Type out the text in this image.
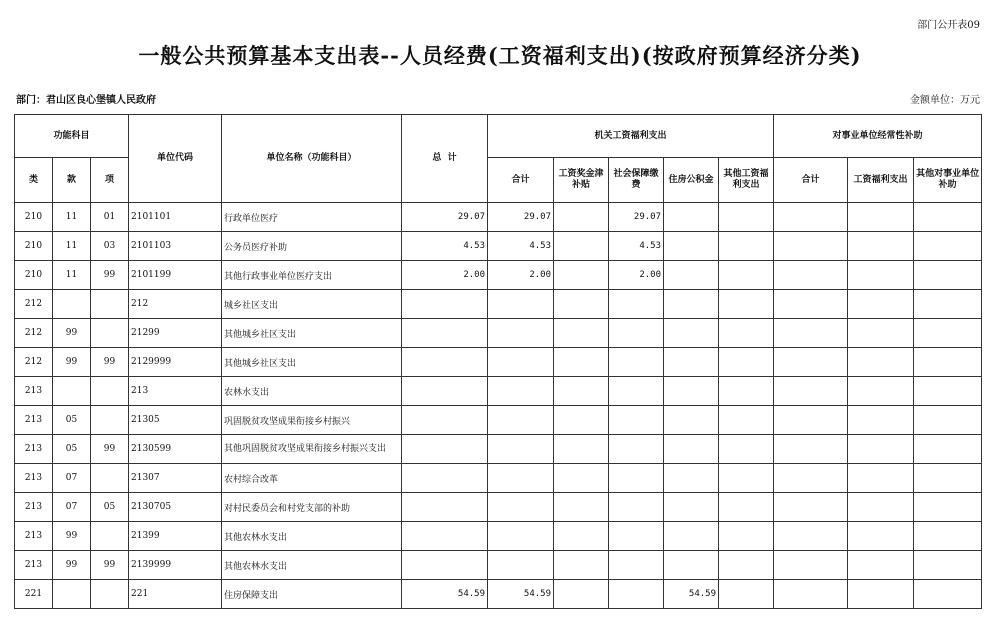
部门公开表09
一般公共预算基本支出表--人员经费(工资福利支出)(按政府预算经济分类)
部门：君山区良心堡镇人民政府	金额单位：万元
功能科目			单位代码	单位名称（功能科目）	总  计	机关工资福利支出					对事业单位经常性补助		
类	款	项				合计	工资奖金津补贴	社会保障缴费	住房公积金	其他工资福利支出	合计	工资福利支出	其他对事业单位补助
210	11	01	2101101	行政单位医疗	29.07	29.07		29.07					
210	11	03	2101103	公务员医疗补助	4.53	4.53		4.53					
210	11	99	2101199	其他行政事业单位医疗支出	2.00	2.00		2.00					
212			212	城乡社区支出									
212	99		21299	其他城乡社区支出									
212	99	99	2129999	其他城乡社区支出									
213			213	农林水支出									
213	05		21305	巩固脱贫攻坚成果衔接乡村振兴									
213	05	99	2130599	其他巩固脱贫攻坚成果衔接乡村振兴支出									
213	07		21307	农村综合改革									
213	07	05	2130705	对村民委员会和村党支部的补助									
213	99		21399	其他农林水支出									
213	99	99	2139999	其他农林水支出									
221			221	住房保障支出	54.59	54.59			54.59				
